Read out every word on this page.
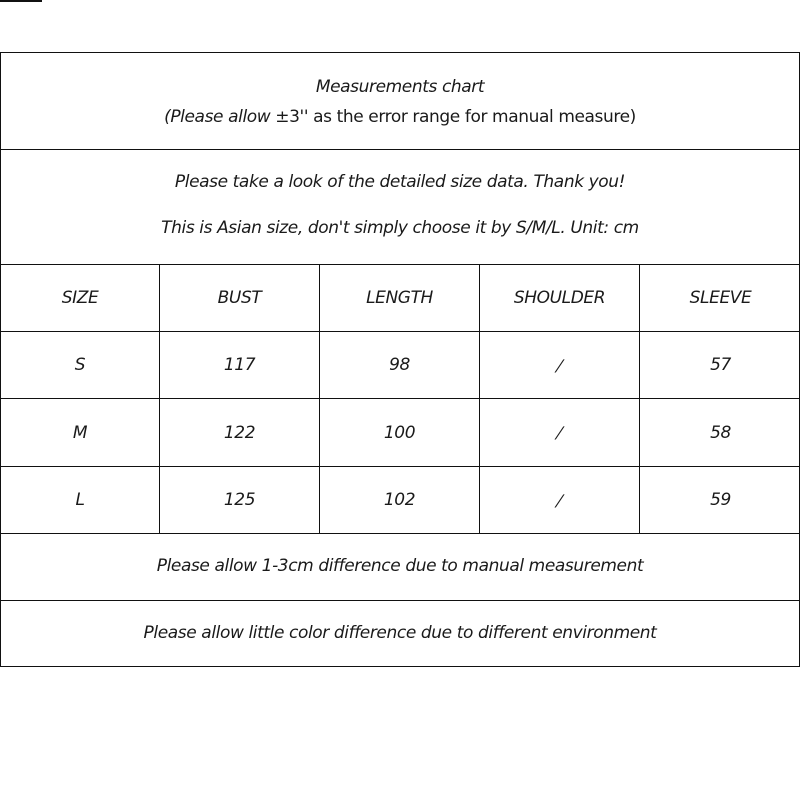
Measurements chart
(Please allow ±3'' as the error range for manual measure)
Please take a look of the detailed size data. Thank you!
This is Asian size, don't simply choose it by S/M/L. Unit: cm
SIZE	BUST	LENGTH	SHOULDER	SLEEVE
S	117	98	/	57
M	122	100	/	58
L	125	102	/	59
Please allow 1-3cm difference due to manual measurement
Please allow little color difference due to different environment
